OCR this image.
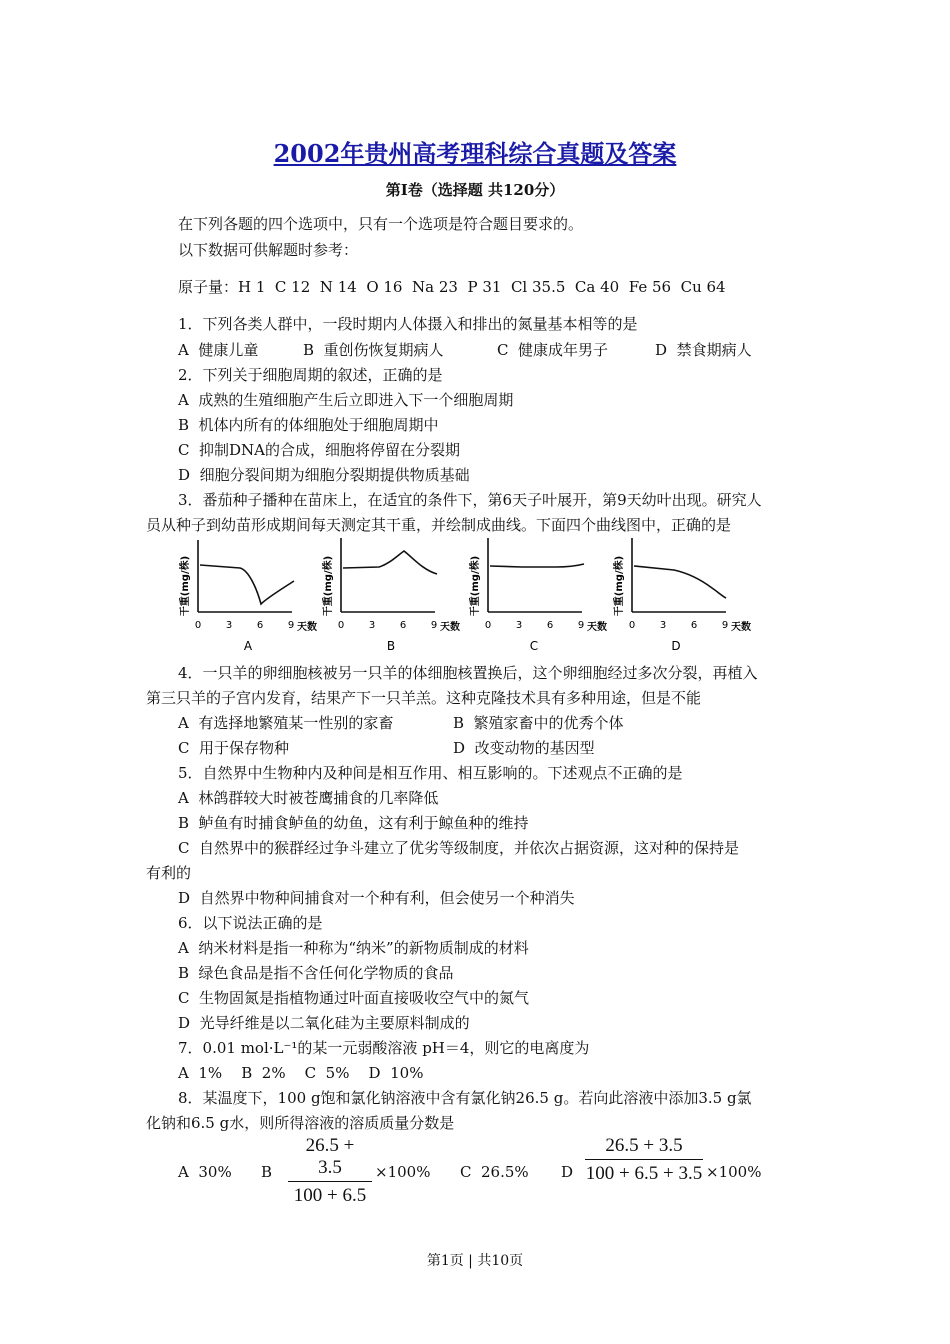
2002年贵州高考理科综合真题及答案
第Ⅰ卷（选择题 共120分）
在下列各题的四个选项中，只有一个选项是符合题目要求的。
以下数据可供解题时参考：
原子量：H 1  C 12  N 14  O 16  Na 23  P 31  Cl 35.5  Ca 40  Fe 56  Cu 64
1．下列各类人群中，一段时期内人体摄入和排出的氮量基本相等的是
A  健康儿童	B  重创伤恢复期病人	C  健康成年男子	D  禁食期病人
2．下列关于细胞周期的叙述，正确的是
A  成熟的生殖细胞产生后立即进入下一个细胞周期
B  机体内所有的体细胞处于细胞周期中
C  抑制DNA的合成，细胞将停留在分裂期
D  细胞分裂间期为细胞分裂期提供物质基础
3．番茄种子播种在苗床上，在适宜的条件下，第6天子叶展开，第9天幼叶出现。研究人
员从种子到幼苗形成期间每天测定其干重，并绘制成曲线。下面四个曲线图中，正确的是
干重(mg/株)
0 3 6 9 天数
A
干重(mg/株)
0 3 6 9 天数
B
干重(mg/株)
0 3 6 9 天数
C
干重(mg/株)
0 3 6 9 天数
D
4．一只羊的卵细胞核被另一只羊的体细胞核置换后，这个卵细胞经过多次分裂，再植入
第三只羊的子宫内发育，结果产下一只羊羔。这种克隆技术具有多种用途，但是不能
A  有选择地繁殖某一性别的家畜	B  繁殖家畜中的优秀个体
C  用于保存物种	D  改变动物的基因型
5．自然界中生物种内及种间是相互作用、相互影响的。下述观点不正确的是
A  林鸽群较大时被苍鹰捕食的几率降低
B  鲈鱼有时捕食鲈鱼的幼鱼，这有利于鲸鱼种的维持
C  自然界中的猴群经过争斗建立了优劣等级制度，并依次占据资源，这对种的保持是
有利的
D  自然界中物种间捕食对一个种有利，但会使另一个种消失
6．以下说法正确的是
A  纳米材料是指一种称为“纳米”的新物质制成的材料
B  绿色食品是指不含任何化学物质的食品
C  生物固氮是指植物通过叶面直接吸收空气中的氮气
D  光导纤维是以二氧化硅为主要原料制成的
7．0.01 mol·L⁻¹的某一元弱酸溶液 pH＝4，则它的电离度为
A  1%    B  2%    C  5%    D  10%
8．某温度下，100 g饱和氯化钠溶液中含有氯化钠26.5 g。若向此溶液中添加3.5 g氯
化钠和6.5 g水，则所得溶液的溶质质量分数是
A  30% B
26.5 + 3.5
100 + 6.5
×100% C  26.5% D
26.5 + 3.5
100 + 6.5 + 3.5 ×100%
第1页 | 共10页
